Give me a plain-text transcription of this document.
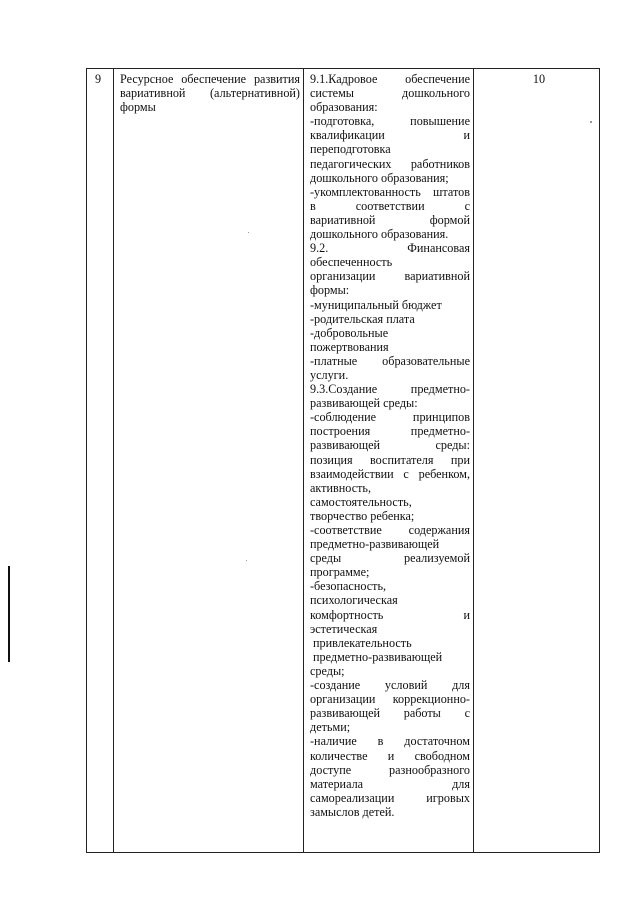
9 Ресурсное обеспечение развития вариативной (альтернативной) формы
9.1.Кадровое обеспечение
системы дошкольного
образования:
-подготовка, повышение
квалификации и
переподготовка
педагогических работников
дошкольного образования;
-укомплектованность штатов
в соответствии с
вариативной формой
дошкольного образования.
9.2. Финансовая
обеспеченность
организации вариативной
формы:
-муниципальный бюджет
-родительская плата
-добровольные
пожертвования
-платные образовательные
услуги.
9.3.Создание предметно-
развивающей среды:
-соблюдение принципов
построения предметно-
развивающей среды:
позиция воспитателя при
взаимодействии с ребенком,
активность,
самостоятельность,
творчество ребенка;
-соответствие содержания
предметно-развивающей
среды реализуемой
программе;
-безопасность,
психологическая
комфортность и
эстетическая
привлекательность
предметно-развивающей
среды;
-создание условий для
организации коррекционно-
развивающей работы с
детьми;
-наличие в достаточном
количестве и свободном
доступе разнообразного
материала для
самореализации игровых
замыслов детей.
10
